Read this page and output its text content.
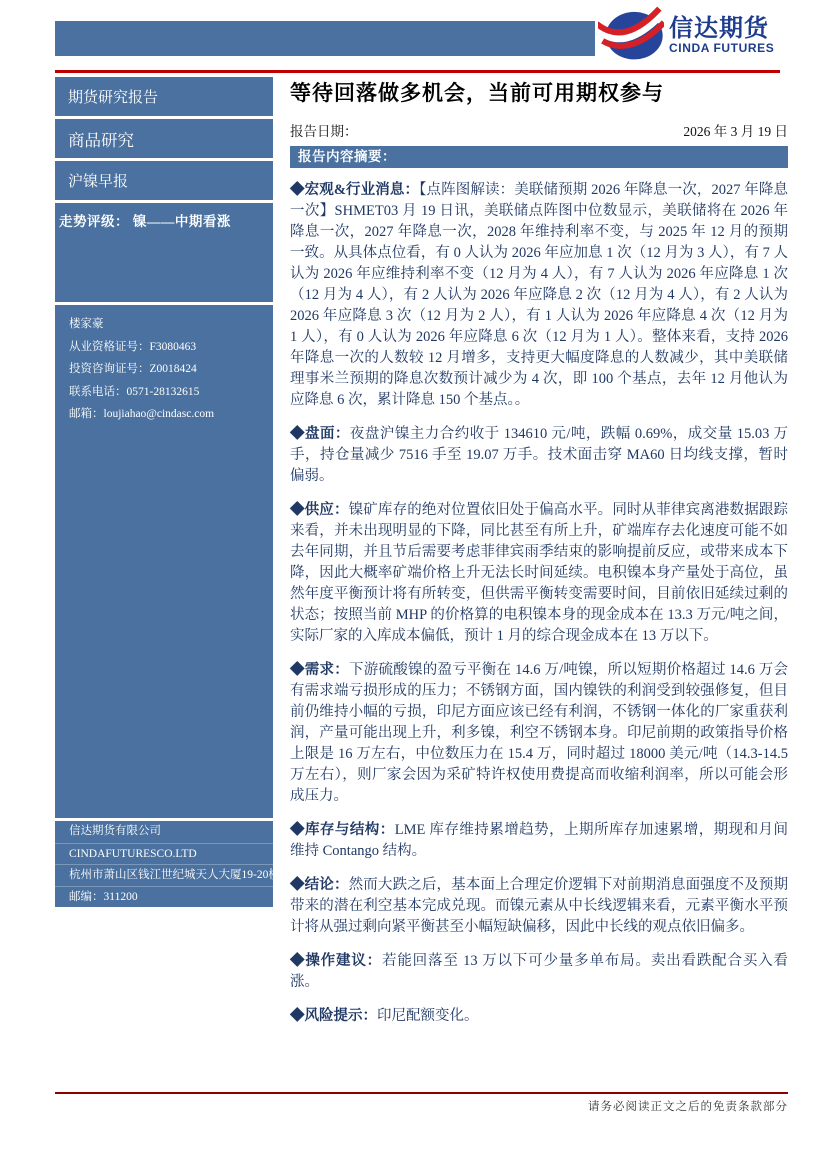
信达期货
CINDA FUTURES
期货研究报告
商品研究
沪镍早报
走势评级： 镍——中期看涨
楼家豪
从业资格证号：F3080463
投资咨询证号：Z0018424
联系电话：0571-28132615
邮箱：loujiahao@cindasc.com
信达期货有限公司
CINDAFUTURESCO.LTD
杭州市萧山区钱江世纪城天人大厦19-20楼
邮编：311200
等待回落做多机会，当前可用期权参与
报告日期：	2026 年 3 月 19 日
报告内容摘要：

◆宏观&行业消息：【点阵图解读：美联储预期 2026 年降息一次，2027 年降息一次】SHMET03 月 19 日讯，美联储点阵图中位数显示，美联储将在 2026 年降息一次，2027 年降息一次，2028 年维持利率不变，与 2025 年 12 月的预期一致。从具体点位看，有 0 人认为 2026 年应加息 1 次（12 月为 3 人），有 7 人认为 2026 年应维持利率不变（12 月为 4 人），有 7 人认为 2026 年应降息 1 次（12 月为 4 人），有 2 人认为 2026 年应降息 2 次（12 月为 4 人），有 2 人认为 2026 年应降息 3 次（12 月为 2 人），有 1 人认为 2026 年应降息 4 次（12 月为 1 人），有 0 人认为 2026 年应降息 6 次（12 月为 1 人）。整体来看，支持 2026 年降息一次的人数较 12 月增多，支持更大幅度降息的人数减少，其中美联储理事米兰预期的降息次数预计减少为 4 次，即 100 个基点，去年 12 月他认为应降息 6 次，累计降息 150 个基点。。

◆盘面：夜盘沪镍主力合约收于 134610 元/吨，跌幅 0.69%，成交量 15.03 万手，持仓量减少 7516 手至 19.07 万手。技术面击穿 MA60 日均线支撑，暂时偏弱。

◆供应：镍矿库存的绝对位置依旧处于偏高水平。同时从菲律宾离港数据跟踪来看，并未出现明显的下降，同比甚至有所上升，矿端库存去化速度可能不如去年同期，并且节后需要考虑菲律宾雨季结束的影响提前反应，或带来成本下降，因此大概率矿端价格上升无法长时间延续。电积镍本身产量处于高位，虽然年度平衡预计将有所转变，但供需平衡转变需要时间，目前依旧延续过剩的状态；按照当前 MHP 的价格算的电积镍本身的现金成本在 13.3 万元/吨之间，实际厂家的入库成本偏低，预计 1 月的综合现金成本在 13 万以下。

◆需求：下游硫酸镍的盈亏平衡在 14.6 万/吨镍，所以短期价格超过 14.6 万会有需求端亏损形成的压力；不锈钢方面，国内镍铁的利润受到较强修复，但目前仍维持小幅的亏损，印尼方面应该已经有利润，不锈钢一体化的厂家重获利润，产量可能出现上升，利多镍，利空不锈钢本身。印尼前期的政策指导价格上限是 16 万左右，中位数压力在 15.4 万，同时超过 18000 美元/吨（14.3-14.5 万左右），则厂家会因为采矿特许权使用费提高而收缩利润率，所以可能会形成压力。

◆库存与结构：LME 库存维持累增趋势，上期所库存加速累增，期现和月间维持 Contango 结构。

◆结论：然而大跌之后，基本面上合理定价逻辑下对前期消息面强度不及预期带来的潜在利空基本完成兑现。而镍元素从中长线逻辑来看，元素平衡水平预计将从强过剩向紧平衡甚至小幅短缺偏移，因此中长线的观点依旧偏多。

◆操作建议：若能回落至 13 万以下可少量多单布局。卖出看跌配合买入看涨。

◆风险提示：印尼配额变化。

请务必阅读正文之后的免责条款部分
